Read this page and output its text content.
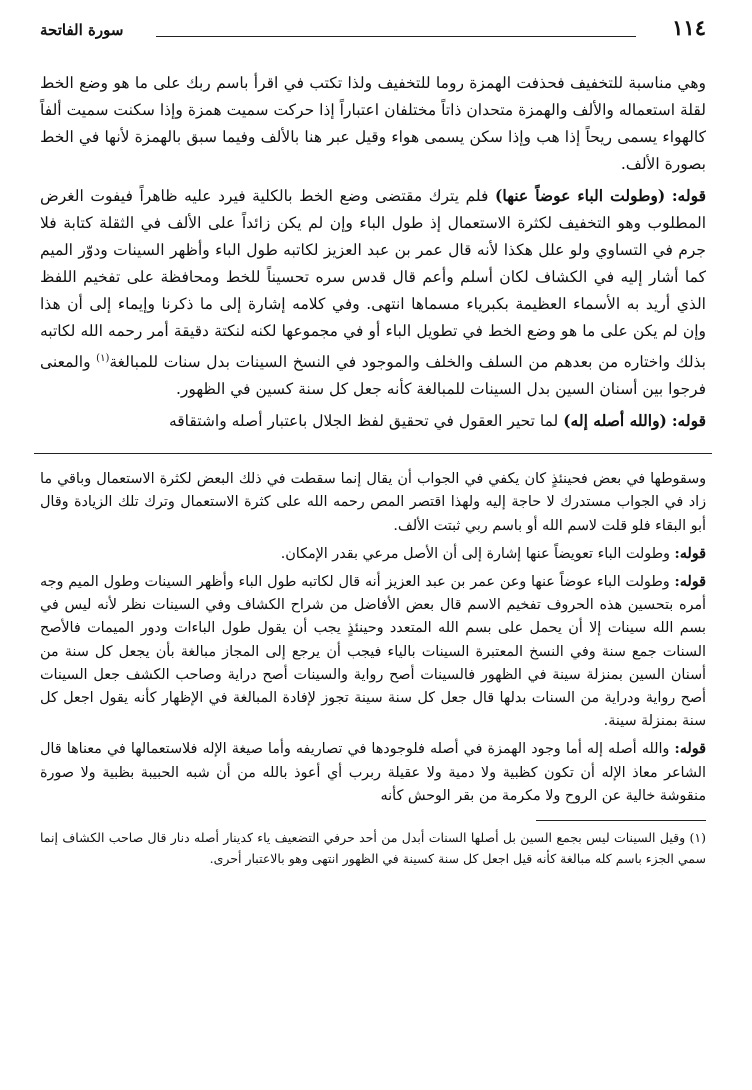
١١٤
سورة الفاتحة

وهي مناسبة للتخفيف فحذفت الهمزة روما للتخفيف ولذا تكتب في اقرأ باسم ربك على ما هو وضع الخط لقلة استعماله والألف والهمزة متحدان ذاتاً مختلفان اعتباراً إذا حركت سميت همزة وإذا سكنت سميت ألفاً كالهواء يسمى ريحاً إذا هب وإذا سكن يسمى هواء وقيل عبر هنا بالألف وفيما سبق بالهمزة لأنها في الخط بصورة الألف.

قوله: (وطولت الباء عوضاً عنها) فلم يترك مقتضى وضع الخط بالكلية فيرد عليه ظاهراً فيفوت الغرض المطلوب وهو التخفيف لكثرة الاستعمال إذ طول الباء وإن لم يكن زائداً على الألف في الثقلة كتابة فلا جرم في التساوي ولو علل هكذا لأنه قال عمر بن عبد العزيز لكاتبه طول الباء وأظهر السينات ودوّر الميم كما أشار إليه في الكشاف لكان أسلم وأعم قال قدس سره تحسيناً للخط ومحافظة على تفخيم اللفظ الذي أريد به الأسماء العظيمة بكبرياء مسماها انتهى. وفي كلامه إشارة إلى ما ذكرنا وإيماء إلى أن هذا وإن لم يكن على ما هو وضع الخط في تطويل الباء أو في مجموعها لكنه لنكتة دقيقة أمر رحمه الله لكاتبه بذلك واختاره من بعدهم من السلف والخلف والموجود في النسخ السينات بدل سنات للمبالغة$^{(١)}$ والمعنى فرجوا بين أسنان السين بدل السينات للمبالغة كأنه جعل كل سنة كسين في الظهور.

قوله: (والله أصله إله) لما تحير العقول في تحقيق لفظ الجلال باعتبار أصله واشتقاقه

وسقوطها في بعض فحينئذٍ كان يكفي في الجواب أن يقال إنما سقطت في ذلك البعض لكثرة الاستعمال وباقي ما زاد في الجواب مستدرك لا حاجة إليه ولهذا اقتصر المص رحمه الله على كثرة الاستعمال وترك تلك الزيادة وقال أبو البقاء فلو قلت لاسم الله أو باسم ربي ثبتت الألف.

قوله: وطولت الباء تعويضاً عنها إشارة إلى أن الأصل مرعي بقدر الإمكان.

قوله: وطولت الباء عوضاً عنها وعن عمر بن عبد العزيز أنه قال لكاتبه طول الباء وأظهر السينات وطول الميم وجه أمره بتحسين هذه الحروف تفخيم الاسم قال بعض الأفاضل من شراح الكشاف وفي السينات نظر لأنه ليس في بسم الله سينات إلا أن يحمل على بسم الله المتعدد وحينئذٍ يجب أن يقول طول الباءات ودور الميمات فالأصح السنات جمع سنة وفي النسخ المعتبرة السينات بالياء فيجب أن يرجع إلى المجاز مبالغة بأن يجعل كل سنة من أسنان السين بمنزلة سينة في الظهور فالسينات أصح رواية والسينات أصح دراية وصاحب الكشف جعل السينات أصح رواية ودراية من السنات بدلها قال جعل كل سنة سينة تجوز لإفادة المبالغة في الإظهار كأنه يقول اجعل كل سنة بمنزلة سينة.

قوله: والله أصله إله أما وجود الهمزة في أصله فلوجودها في تصاريفه وأما صيغة الإله فلاستعمالها في معناها قال الشاعر معاذ الإله أن تكون كظبية ولا دمية ولا عقيلة ربرب أي أعوذ بالله من أن شبه الحبيبة بظبية ولا صورة منقوشة خالية عن الروح ولا مكرمة من بقر الوحش كأنه

(١) وقيل السينات ليس بجمع السين بل أصلها السنات أبدل من أحد حرفي التضعيف ياء كدينار أصله دنار قال صاحب الكشاف إنما سمي الجزء باسم كله مبالغة كأنه قيل اجعل كل سنة كسينة في الظهور انتهى وهو بالاعتبار أحرى.
